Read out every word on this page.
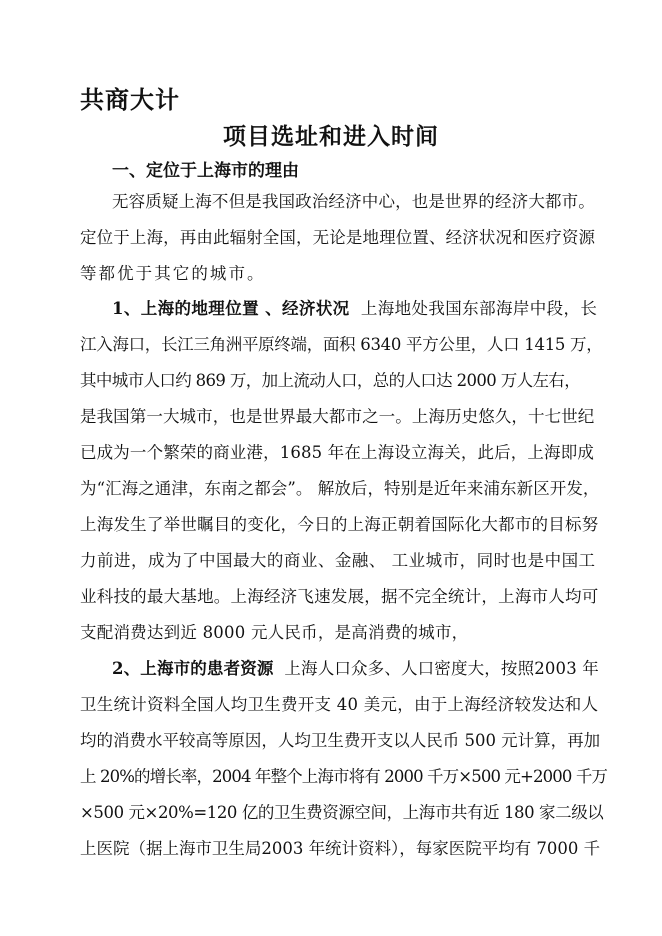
共商大计
项目选址和进入时间
一、定位于上海市的理由
无容质疑上海不但是我国政治经济中心，也是世界的经济大都市。
定位于上海，再由此辐射全国，无论是地理位置、经济状况和医疗资源
等都优于其它的城市。
1、上海的地理位置 、经济状况 上海地处我国东部海岸中段，长
江入海口，长江三角洲平原终端，面积 6340 平方公里，人口 1415 万，
其中城市人口约 869 万，加上流动人口，总的人口达 2000 万人左右，
是我国第一大城市，也是世界最大都市之一。上海历史悠久，十七世纪
已成为一个繁荣的商业港，1685 年在上海设立海关，此后，上海即成
为“汇海之通津，东南之都会”。 解放后，特别是近年来浦东新区开发，
上海发生了举世瞩目的变化，今日的上海正朝着国际化大都市的目标努
力前进，成为了中国最大的商业、金融、 工业城市，同时也是中国工
业科技的最大基地。上海经济飞速发展，据不完全统计，上海市人均可
支配消费达到近 8000 元人民币，是高消费的城市，
2、上海市的患者资源 上海人口众多、人口密度大，按照2003 年
卫生统计资料全国人均卫生费开支 40 美元，由于上海经济较发达和人
均的消费水平较高等原因，人均卫生费开支以人民币 500 元计算，再加
上 20%的增长率，2004 年整个上海市将有 2000 千万×500 元+2000 千万
×500 元×20%=120 亿的卫生费资源空间，上海市共有近 180 家二级以
上医院（据上海市卫生局2003 年统计资料），每家医院平均有 7000 千
